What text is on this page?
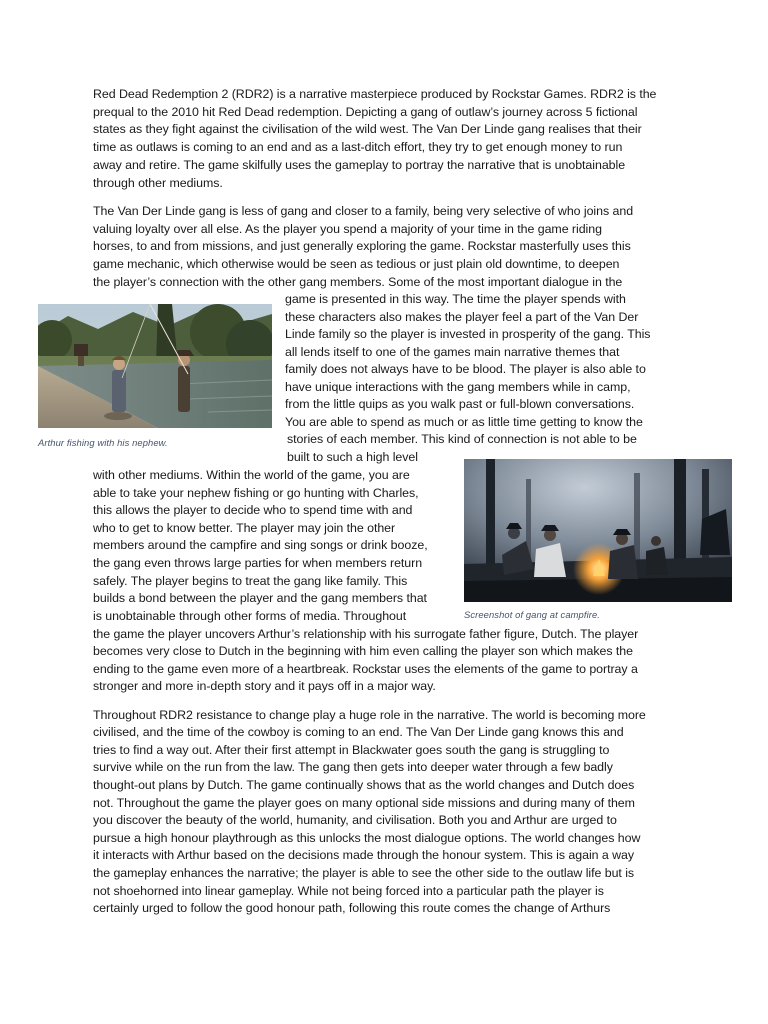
Red Dead Redemption 2 (RDR2) is a narrative masterpiece produced by Rockstar Games. RDR2 is the
prequal to the 2010 hit Red Dead redemption. Depicting a gang of outlaw’s journey across 5 fictional
states as they fight against the civilisation of the wild west. The Van Der Linde gang realises that their
time as outlaws is coming to an end and as a last-ditch effort, they try to get enough money to run
away and retire. The game skilfully uses the gameplay to portray the narrative that is unobtainable
through other mediums.
The Van Der Linde gang is less of gang and closer to a family, being very selective of who joins and
valuing loyalty over all else. As the player you spend a majority of your time in the game riding
horses, to and from missions, and just generally exploring the game. Rockstar masterfully uses this
game mechanic, which otherwise would be seen as tedious or just plain old downtime, to deepen
the player’s connection with the other gang members. Some of the most important dialogue in the
game is presented in this way. The time the player spends with
these characters also makes the player feel a part of the Van Der
Linde family so the player is invested in prosperity of the gang. This
all lends itself to one of the games main narrative themes that
family does not always have to be blood. The player is also able to
have unique interactions with the gang members while in camp,
from the little quips as you walk past or full-blown conversations.
You are able to spend as much or as little time getting to know the
stories of each member. This kind of connection is not able to be
built to such a high level
with other mediums. Within the world of the game, you are
able to take your nephew fishing or go hunting with Charles,
this allows the player to decide who to spend time with and
who to get to know better. The player may join the other
members around the campfire and sing songs or drink booze,
the gang even throws large parties for when members return
safely. The player begins to treat the gang like family. This
builds a bond between the player and the gang members that
is unobtainable through other forms of media. Throughout
the game the player uncovers Arthur’s relationship with his surrogate father figure, Dutch. The player
becomes very close to Dutch in the beginning with him even calling the player son which makes the
ending to the game even more of a heartbreak. Rockstar uses the elements of the game to portray a
stronger and more in-depth story and it pays off in a major way.
Throughout RDR2 resistance to change play a huge role in the narrative. The world is becoming more
civilised, and the time of the cowboy is coming to an end. The Van Der Linde gang knows this and
tries to find a way out. After their first attempt in Blackwater goes south the gang is struggling to
survive while on the run from the law. The gang then gets into deeper water through a few badly
thought-out plans by Dutch. The game continually shows that as the world changes and Dutch does
not. Throughout the game the player goes on many optional side missions and during many of them
you discover the beauty of the world, humanity, and civilisation. Both you and Arthur are urged to
pursue a high honour playthrough as this unlocks the most dialogue options. The world changes how
it interacts with Arthur based on the decisions made through the honour system. This is again a way
the gameplay enhances the narrative; the player is able to see the other side to the outlaw life but is
not shoehorned into linear gameplay. While not being forced into a particular path the player is
certainly urged to follow the good honour path, following this route comes the change of Arthurs
Arthur fishing with his nephew.
Screenshot of gang at campfire.
